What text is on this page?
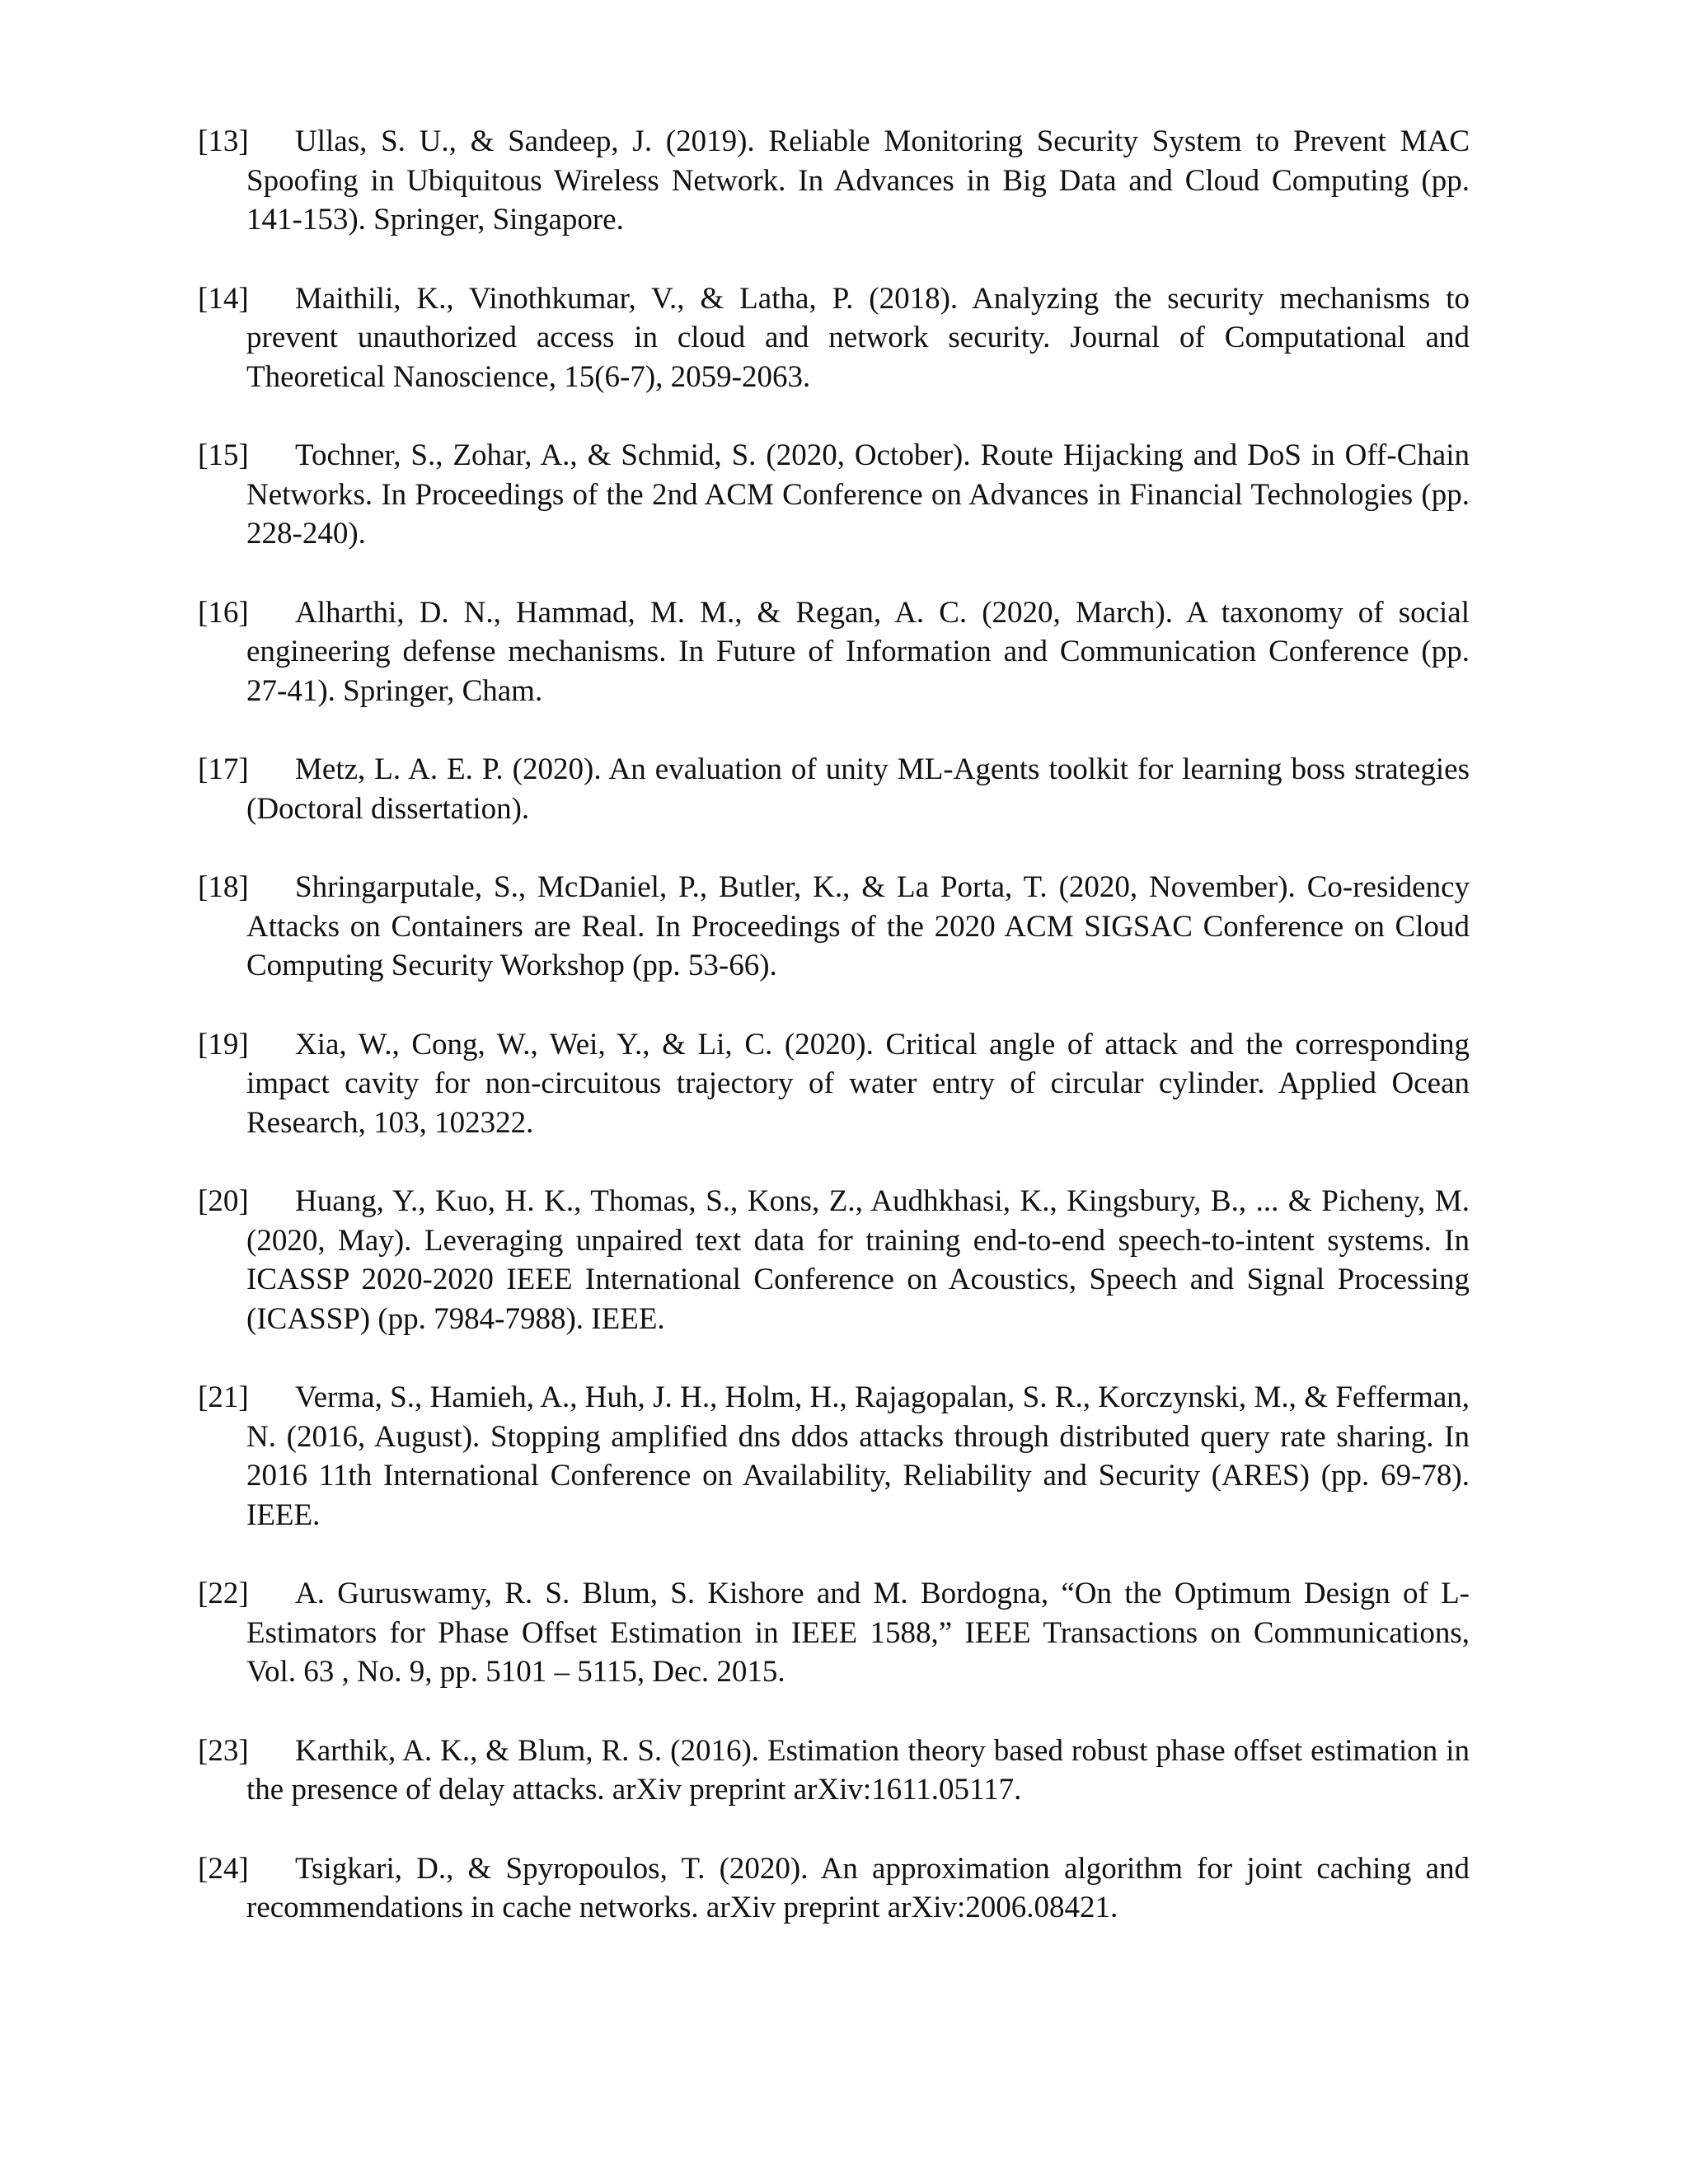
[13] Ullas, S. U., & Sandeep, J. (2019). Reliable Monitoring Security System to Prevent MAC Spoofing in Ubiquitous Wireless Network. In Advances in Big Data and Cloud Computing (pp. 141-153). Springer, Singapore.
[14] Maithili, K., Vinothkumar, V., & Latha, P. (2018). Analyzing the security mechanisms to prevent unauthorized access in cloud and network security. Journal of Computational and Theoretical Nanoscience, 15(6-7), 2059-2063.
[15] Tochner, S., Zohar, A., & Schmid, S. (2020, October). Route Hijacking and DoS in Off-Chain Networks. In Proceedings of the 2nd ACM Conference on Advances in Financial Technologies (pp. 228-240).
[16] Alharthi, D. N., Hammad, M. M., & Regan, A. C. (2020, March). A taxonomy of social engineering defense mechanisms. In Future of Information and Communication Conference (pp. 27-41). Springer, Cham.
[17] Metz, L. A. E. P. (2020). An evaluation of unity ML-Agents toolkit for learning boss strategies (Doctoral dissertation).
[18] Shringarputale, S., McDaniel, P., Butler, K., & La Porta, T. (2020, November). Co-residency Attacks on Containers are Real. In Proceedings of the 2020 ACM SIGSAC Conference on Cloud Computing Security Workshop (pp. 53-66).
[19] Xia, W., Cong, W., Wei, Y., & Li, C. (2020). Critical angle of attack and the corresponding impact cavity for non-circuitous trajectory of water entry of circular cylinder. Applied Ocean Research, 103, 102322.
[20] Huang, Y., Kuo, H. K., Thomas, S., Kons, Z., Audhkhasi, K., Kingsbury, B., ... & Picheny, M. (2020, May). Leveraging unpaired text data for training end-to-end speech-to-intent systems. In ICASSP 2020-2020 IEEE International Conference on Acoustics, Speech and Signal Processing (ICASSP) (pp. 7984-7988). IEEE.
[21] Verma, S., Hamieh, A., Huh, J. H., Holm, H., Rajagopalan, S. R., Korczynski, M., & Fefferman, N. (2016, August). Stopping amplified dns ddos attacks through distributed query rate sharing. In 2016 11th International Conference on Availability, Reliability and Security (ARES) (pp. 69-78). IEEE.
[22] A. Guruswamy, R. S. Blum, S. Kishore and M. Bordogna, “On the Optimum Design of L-Estimators for Phase Offset Estimation in IEEE 1588,” IEEE Transactions on Communications, Vol. 63 , No. 9, pp. 5101 – 5115, Dec. 2015.
[23] Karthik, A. K., & Blum, R. S. (2016). Estimation theory based robust phase offset estimation in the presence of delay attacks. arXiv preprint arXiv:1611.05117.
[24] Tsigkari, D., & Spyropoulos, T. (2020). An approximation algorithm for joint caching and recommendations in cache networks. arXiv preprint arXiv:2006.08421.
